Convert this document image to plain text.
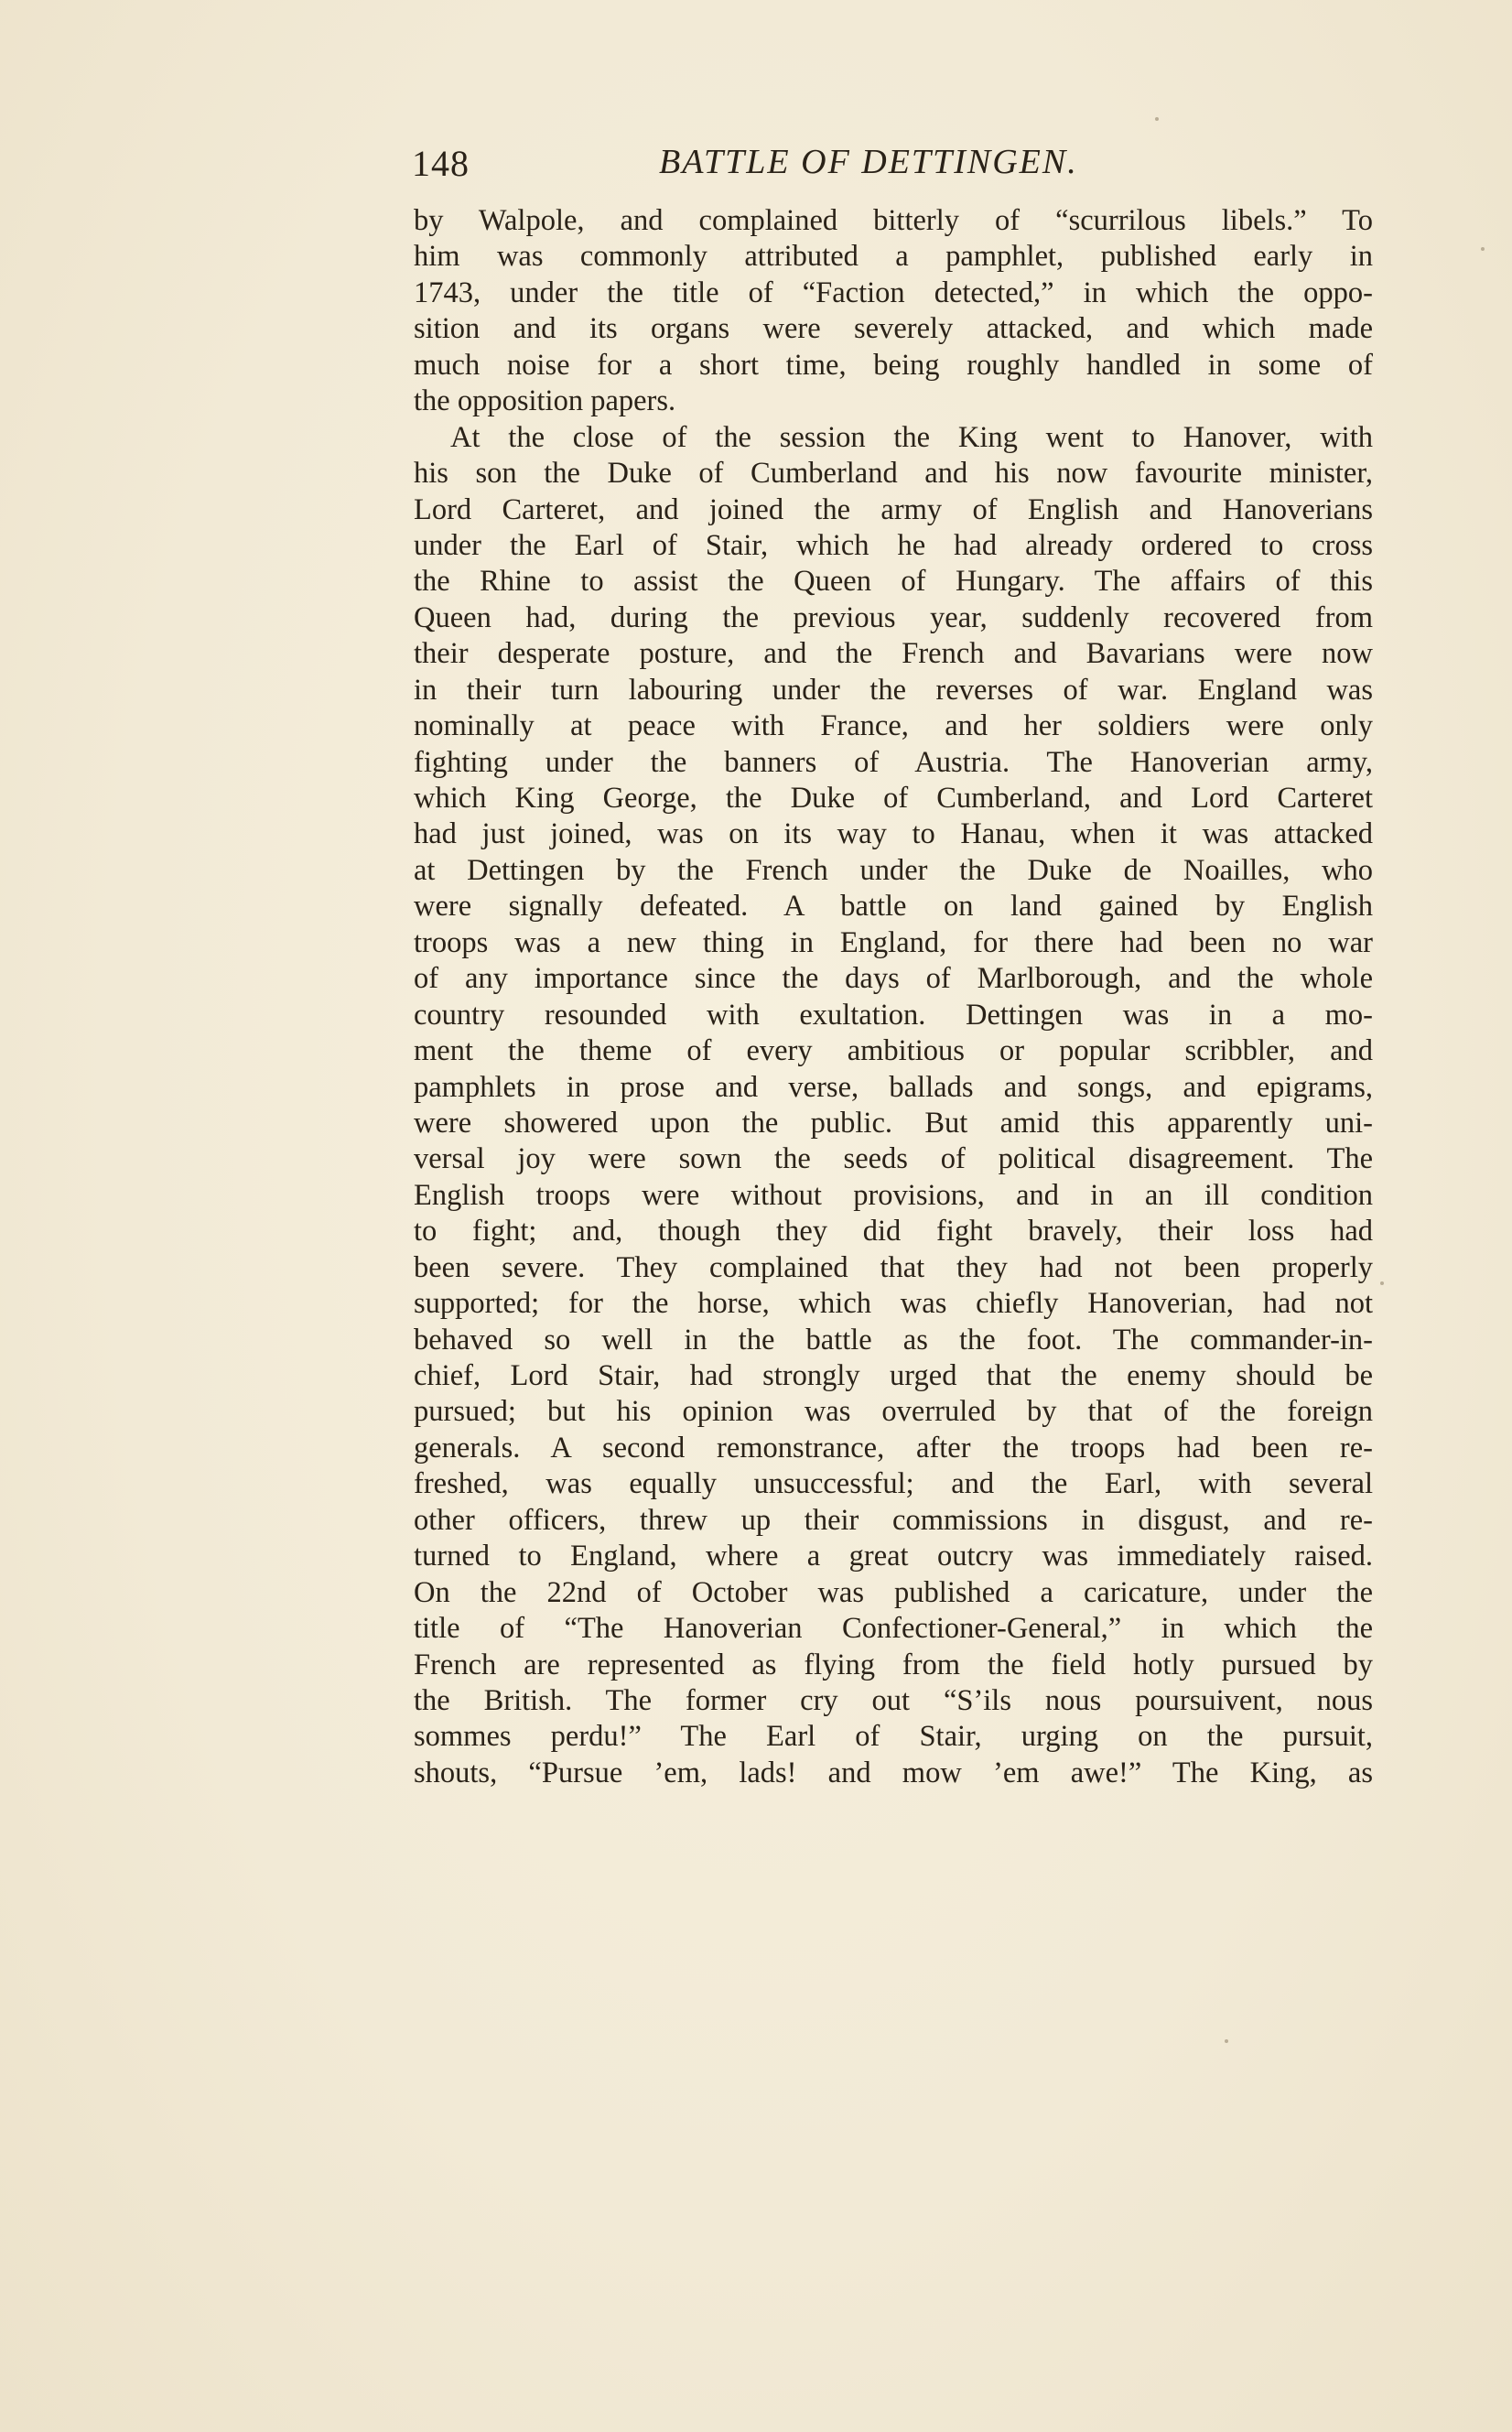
148	BATTLE OF DETTINGEN.
by Walpole, and complained bitterly of “scurrilous libels.” To
him was commonly attributed a pamphlet, published early in
1743, under the title of “Faction detected,” in which the oppo-
sition and its organs were severely attacked, and which made
much noise for a short time, being roughly handled in some of
the opposition papers.
At the close of the session the King went to Hanover, with
his son the Duke of Cumberland and his now favourite minister,
Lord Carteret, and joined the army of English and Hanoverians
under the Earl of Stair, which he had already ordered to cross
the Rhine to assist the Queen of Hungary. The affairs of this
Queen had, during the previous year, suddenly recovered from
their desperate posture, and the French and Bavarians were now
in their turn labouring under the reverses of war. England was
nominally at peace with France, and her soldiers were only
fighting under the banners of Austria. The Hanoverian army,
which King George, the Duke of Cumberland, and Lord Carteret
had just joined, was on its way to Hanau, when it was attacked
at Dettingen by the French under the Duke de Noailles, who
were signally defeated. A battle on land gained by English
troops was a new thing in England, for there had been no war
of any importance since the days of Marlborough, and the whole
country resounded with exultation. Dettingen was in a mo-
ment the theme of every ambitious or popular scribbler, and
pamphlets in prose and verse, ballads and songs, and epigrams,
were showered upon the public. But amid this apparently uni-
versal joy were sown the seeds of political disagreement. The
English troops were without provisions, and in an ill condition
to fight; and, though they did fight bravely, their loss had
been severe. They complained that they had not been properly
supported; for the horse, which was chiefly Hanoverian, had not
behaved so well in the battle as the foot. The commander-in-
chief, Lord Stair, had strongly urged that the enemy should be
pursued; but his opinion was overruled by that of the foreign
generals. A second remonstrance, after the troops had been re-
freshed, was equally unsuccessful; and the Earl, with several
other officers, threw up their commissions in disgust, and re-
turned to England, where a great outcry was immediately raised.
On the 22nd of October was published a caricature, under the
title of “The Hanoverian Confectioner-General,” in which the
French are represented as flying from the field hotly pursued by
the British. The former cry out “S’ils nous poursuivent, nous
sommes perdu!” The Earl of Stair, urging on the pursuit,
shouts, “Pursue ’em, lads! and mow ’em awe!” The King, as
